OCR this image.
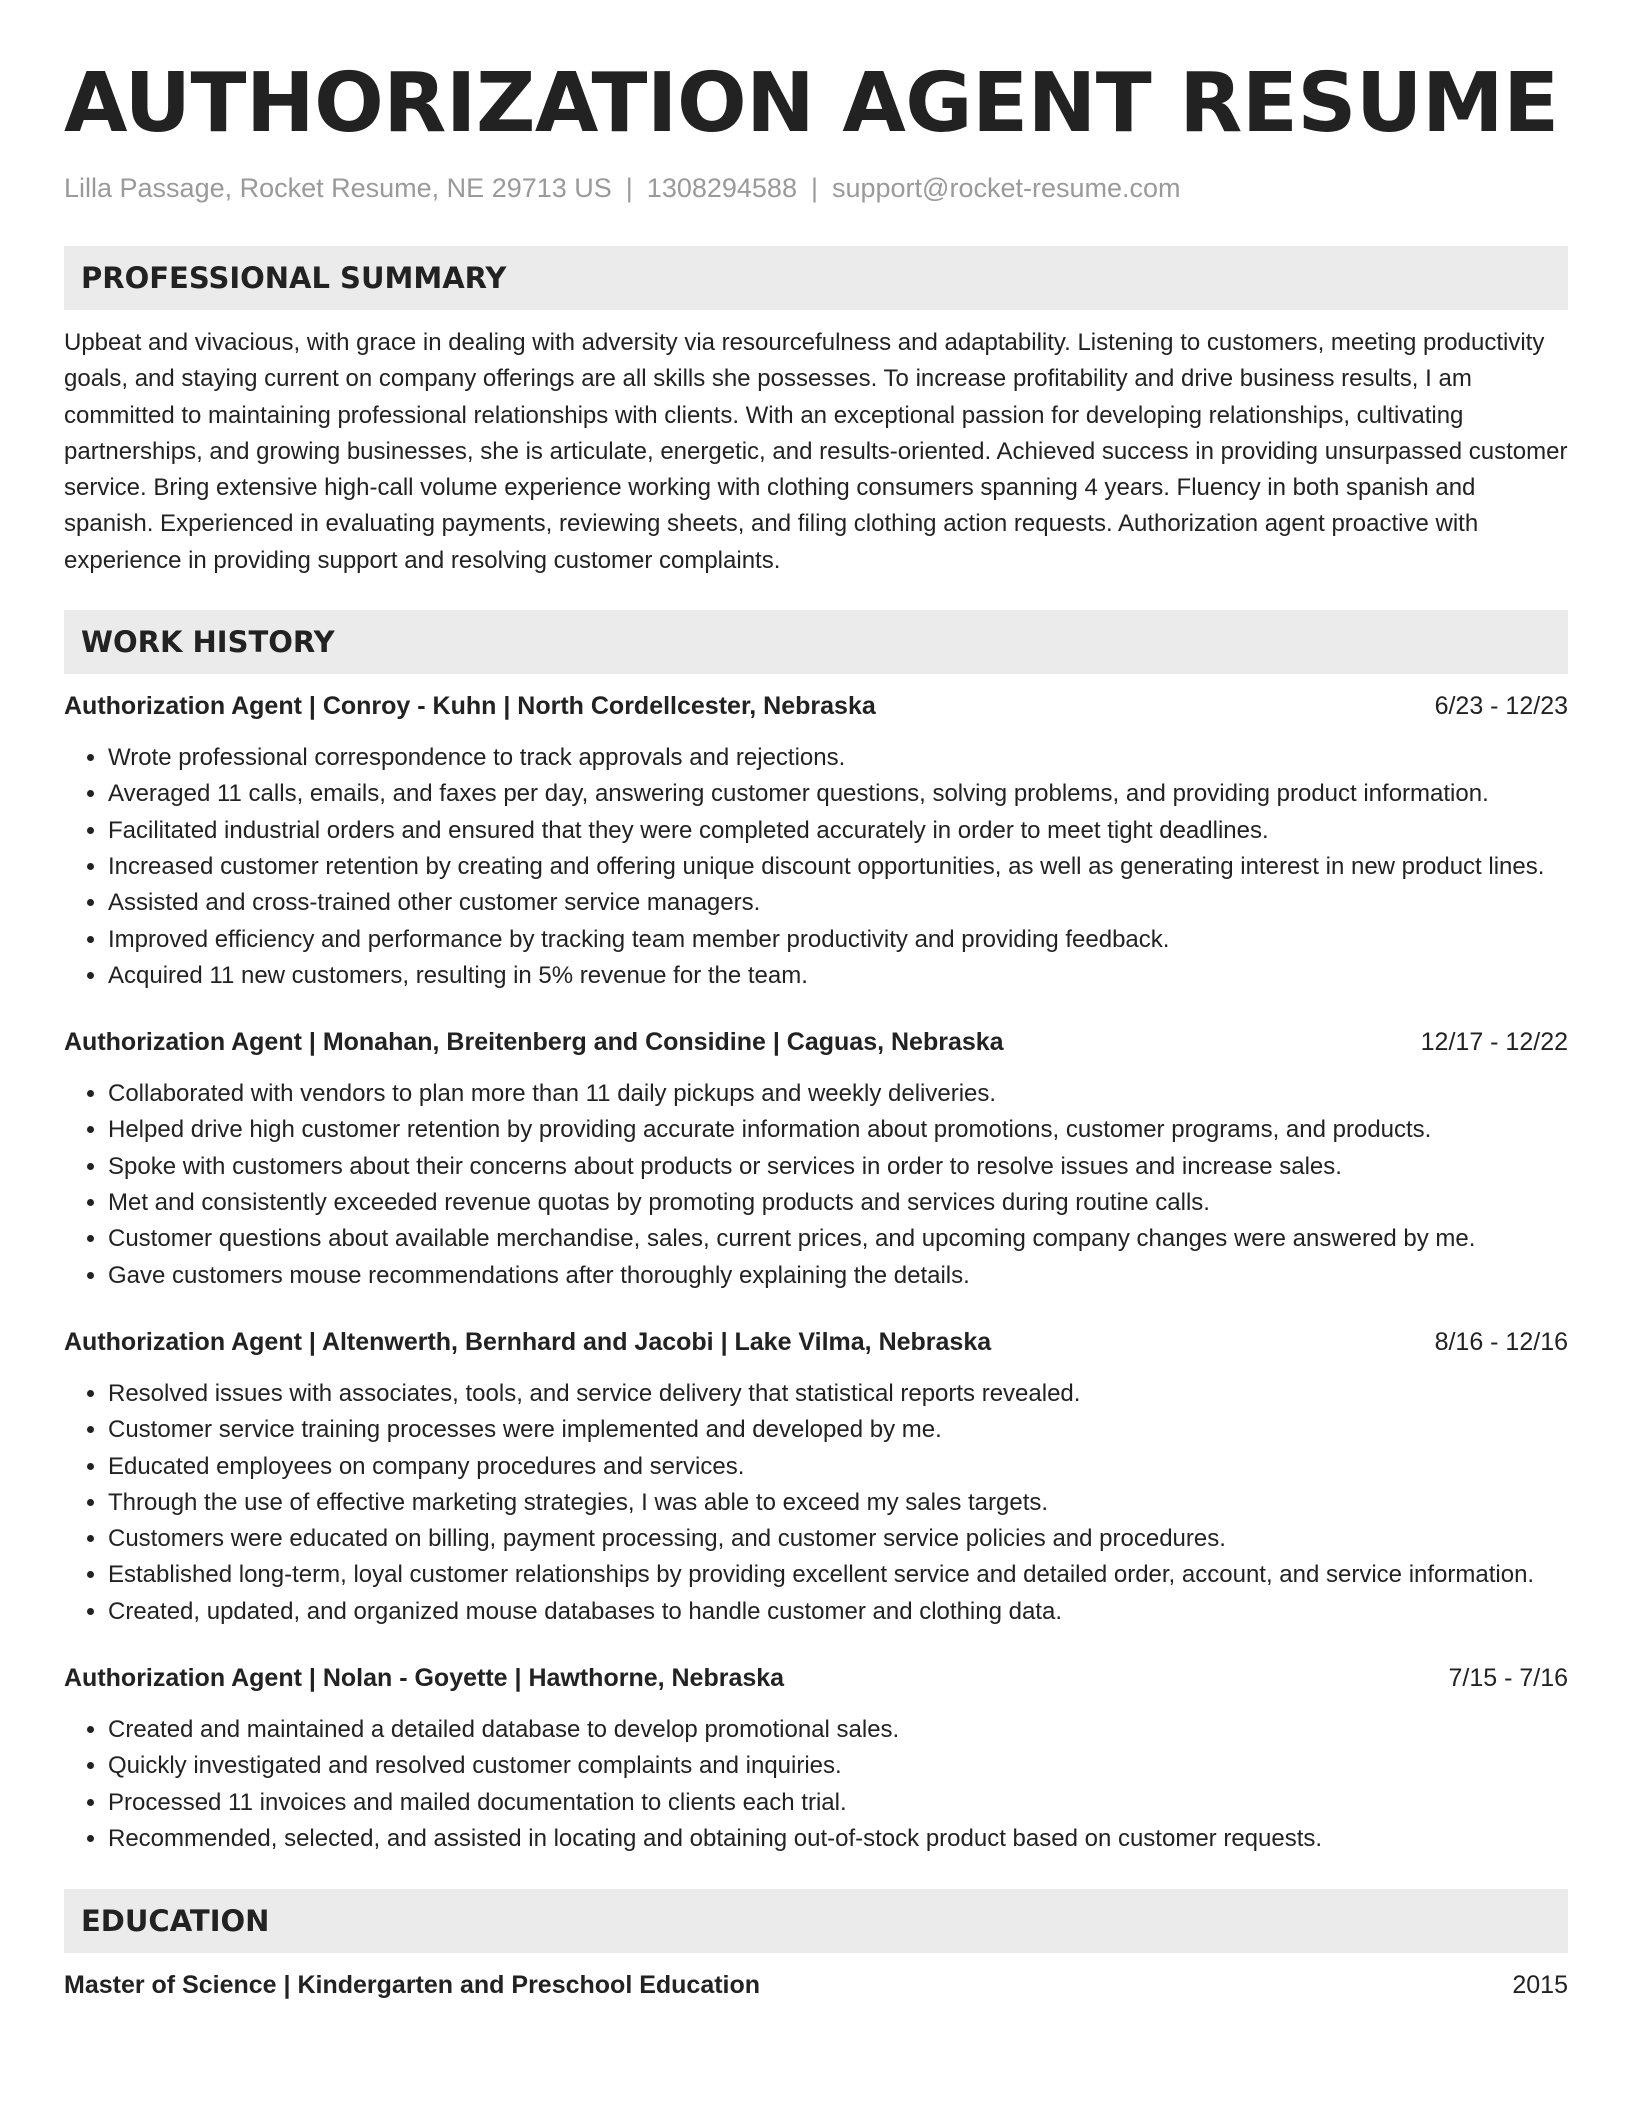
AUTHORIZATION AGENT RESUME
Lilla Passage, Rocket Resume, NE 29713 US | 1308294588 | support@rocket-resume.com
PROFESSIONAL SUMMARY
Upbeat and vivacious, with grace in dealing with adversity via resourcefulness and adaptability. Listening to customers, meeting productivity goals, and staying current on company offerings are all skills she possesses. To increase profitability and drive business results, I am committed to maintaining professional relationships with clients. With an exceptional passion for developing relationships, cultivating partnerships, and growing businesses, she is articulate, energetic, and results-oriented. Achieved success in providing unsurpassed customer service. Bring extensive high-call volume experience working with clothing consumers spanning 4 years. Fluency in both spanish and spanish. Experienced in evaluating payments, reviewing sheets, and filing clothing action requests. Authorization agent proactive with experience in providing support and resolving customer complaints.
WORK HISTORY
Authorization Agent | Conroy - Kuhn | North Cordellcester, Nebraska	6/23 - 12/23
• Wrote professional correspondence to track approvals and rejections.
• Averaged 11 calls, emails, and faxes per day, answering customer questions, solving problems, and providing product information.
• Facilitated industrial orders and ensured that they were completed accurately in order to meet tight deadlines.
• Increased customer retention by creating and offering unique discount opportunities, as well as generating interest in new product lines.
• Assisted and cross-trained other customer service managers.
• Improved efficiency and performance by tracking team member productivity and providing feedback.
• Acquired 11 new customers, resulting in 5% revenue for the team.
Authorization Agent | Monahan, Breitenberg and Considine | Caguas, Nebraska	12/17 - 12/22
• Collaborated with vendors to plan more than 11 daily pickups and weekly deliveries.
• Helped drive high customer retention by providing accurate information about promotions, customer programs, and products.
• Spoke with customers about their concerns about products or services in order to resolve issues and increase sales.
• Met and consistently exceeded revenue quotas by promoting products and services during routine calls.
• Customer questions about available merchandise, sales, current prices, and upcoming company changes were answered by me.
• Gave customers mouse recommendations after thoroughly explaining the details.
Authorization Agent | Altenwerth, Bernhard and Jacobi | Lake Vilma, Nebraska	8/16 - 12/16
• Resolved issues with associates, tools, and service delivery that statistical reports revealed.
• Customer service training processes were implemented and developed by me.
• Educated employees on company procedures and services.
• Through the use of effective marketing strategies, I was able to exceed my sales targets.
• Customers were educated on billing, payment processing, and customer service policies and procedures.
• Established long-term, loyal customer relationships by providing excellent service and detailed order, account, and service information.
• Created, updated, and organized mouse databases to handle customer and clothing data.
Authorization Agent | Nolan - Goyette | Hawthorne, Nebraska	7/15 - 7/16
• Created and maintained a detailed database to develop promotional sales.
• Quickly investigated and resolved customer complaints and inquiries.
• Processed 11 invoices and mailed documentation to clients each trial.
• Recommended, selected, and assisted in locating and obtaining out-of-stock product based on customer requests.
EDUCATION
Master of Science | Kindergarten and Preschool Education	2015
